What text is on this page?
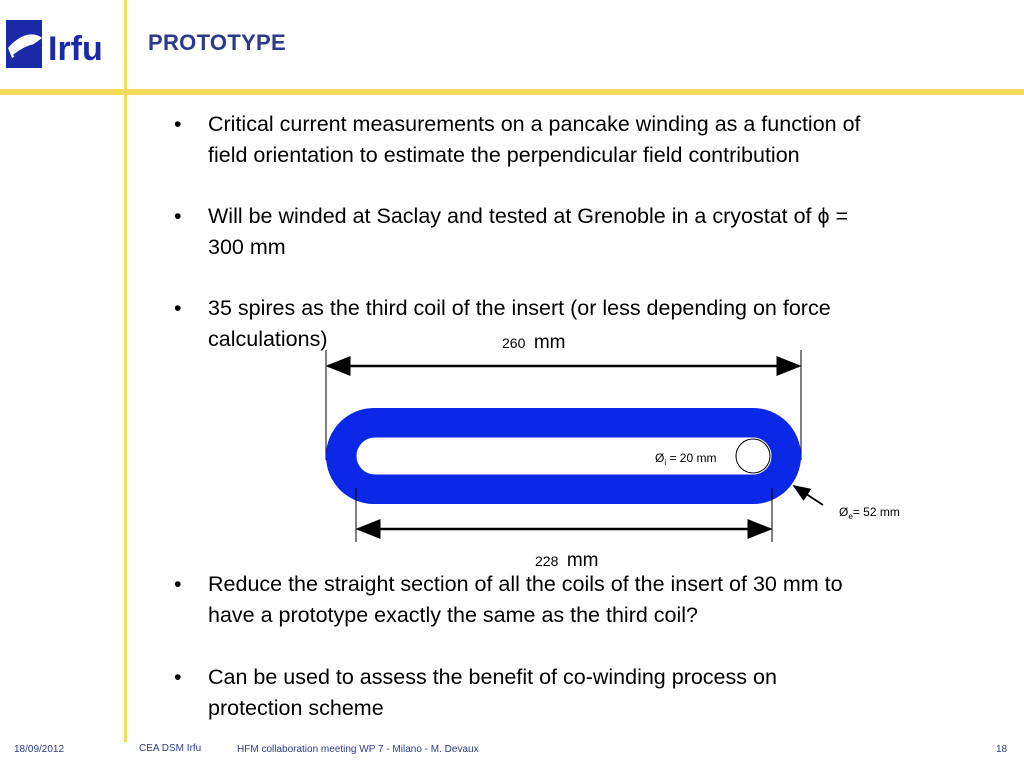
Irfu PROTOTYPE
• Critical current measurements on a pancake winding as a function of
field orientation to estimate the perpendicular field contribution
• Will be winded at Saclay and tested at Grenoble in a cryostat of ϕ =
300 mm
• 35 spires as the third coil of the insert (or less depending on force
calculations)
• Reduce the straight section of all the coils of the insert of 30 mm to
have a prototype exactly the same as the third coil?
• Can be used to assess the benefit of co-winding process on
protection scheme
260 mm
$Ø_i = 20$ mm
$Ø_e= 52$ mm
228 mm
18/09/2012	CEA DSM Irfu	HFM collaboration meeting WP 7 - Milano - M. Devaux	18
